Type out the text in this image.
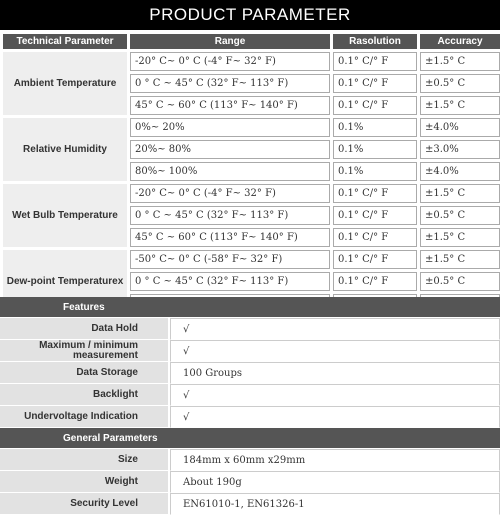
PRODUCT PARAMETER
Technical Parameter	Range	Rasolution	Accuracy
Ambient Temperature	-20° C~ 0° C (-4° F~ 32° F)	0.1° C/° F	±1.5° C
	0 ° C ~ 45° C (32° F~ 113° F)	0.1° C/° F	±0.5° C
	45° C ~ 60° C (113° F~ 140° F)	0.1° C/° F	±1.5° C
Relative Humidity	0%~ 20%	0.1%	±4.0%
	20%~ 80%	0.1%	±3.0%
	80%~ 100%	0.1%	±4.0%
Wet Bulb Temperature	-20° C~ 0° C (-4° F~ 32° F)	0.1° C/° F	±1.5° C
	0 ° C ~ 45° C (32° F~ 113° F)	0.1° C/° F	±0.5° C
	45° C ~ 60° C (113° F~ 140° F)	0.1° C/° F	±1.5° C
Dew-point Temperaturex	-50° C~ 0° C (-58° F~ 32° F)	0.1° C/° F	±1.5° C
	0 ° C ~ 45° C (32° F~ 113° F)	0.1° C/° F	±0.5° C

Features	
Data Hold	√
Maximum / minimum measurement	√
Data Storage	100 Groups
Backlight	√
Undervoltage Indication	√
General Parameters	
Size	184mm x 60mm x29mm
Weight	About 190g
Security Level	EN61010-1, EN61326-1
